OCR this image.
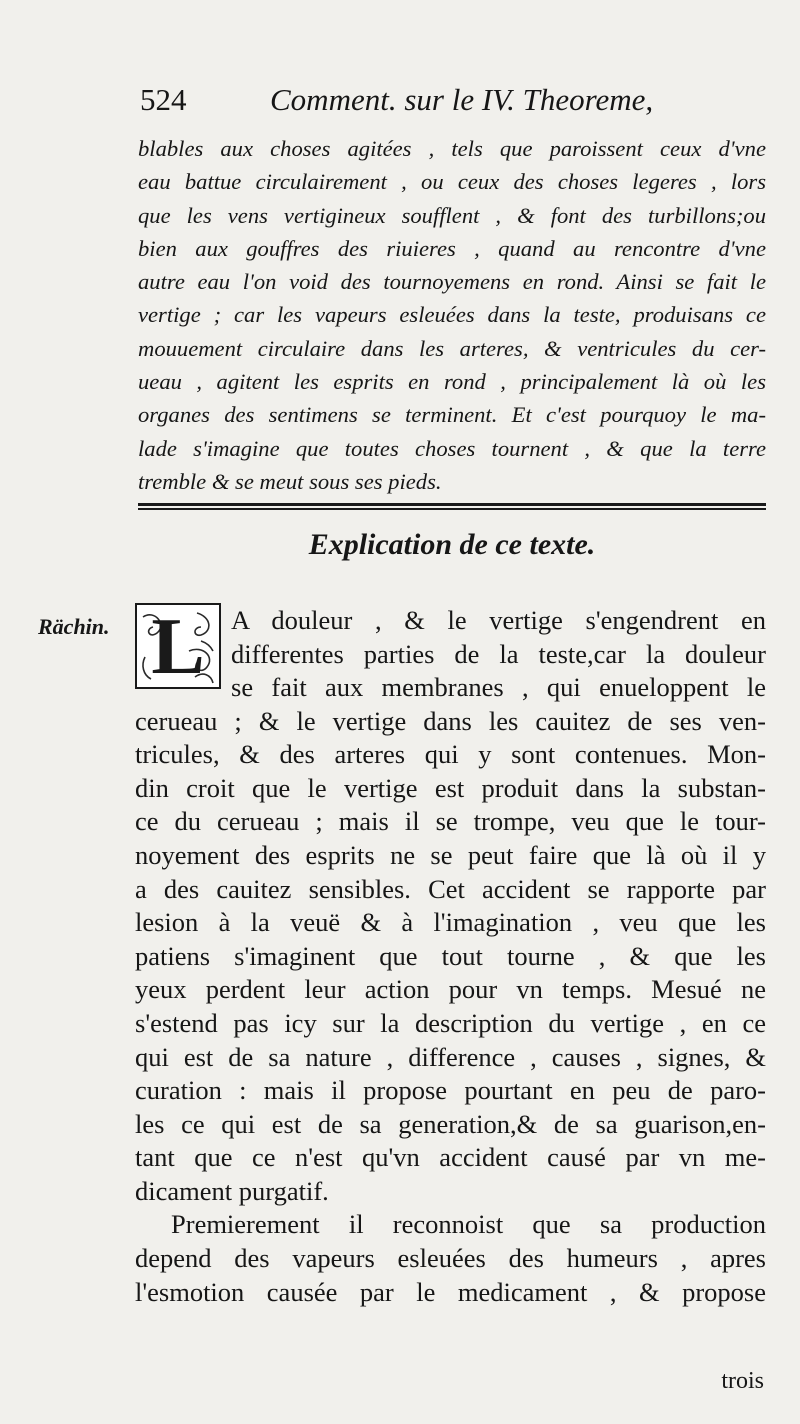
524	Comment. sur le IV. Theoreme,
blables aux choses agitées , tels que paroissent ceux d'vne
eau battue circulairement , ou ceux des choses legeres , lors
que les vens vertigineux soufflent , & font des turbillons;ou
bien aux gouffres des riuieres , quand au rencontre d'vne
autre eau l'on void des tournoyemens en rond. Ainsi se fait le
vertige ; car les vapeurs esleuées dans la teste, produisans ce
mouuement circulaire dans les arteres, & ventricules du cer-
ueau , agitent les esprits en rond , principalement là où les
organes des sentimens se terminent. Et c'est pourquoy le ma-
lade s'imagine que toutes choses tournent , & que la terre
tremble & se meut sous ses pieds.
Explication de ce texte.
Rächin. L A douleur , & le vertige s'engendrent en
differentes parties de la teste,car la douleur
se fait aux membranes , qui enueloppent le
cerueau ; & le vertige dans les cauitez de ses ven-
tricules, & des arteres qui y sont contenues. Mon-
din croit que le vertige est produit dans la substan-
ce du cerueau ; mais il se trompe, veu que le tour-
noyement des esprits ne se peut faire que là où il y
a des cauitez sensibles. Cet accident se rapporte par
lesion à la veuë & à l'imagination , veu que les
patiens s'imaginent que tout tourne , & que les
yeux perdent leur action pour vn temps. Mesué ne
s'estend pas icy sur la description du vertige , en ce
qui est de sa nature , difference , causes , signes, &
curation : mais il propose pourtant en peu de paro-
les ce qui est de sa generation,& de sa guarison,en-
tant que ce n'est qu'vn accident causé par vn me-
dicament purgatif.
Premierement il reconnoist que sa production
depend des vapeurs esleuées des humeurs , apres
l'esmotion causée par le medicament , & propose
trois
